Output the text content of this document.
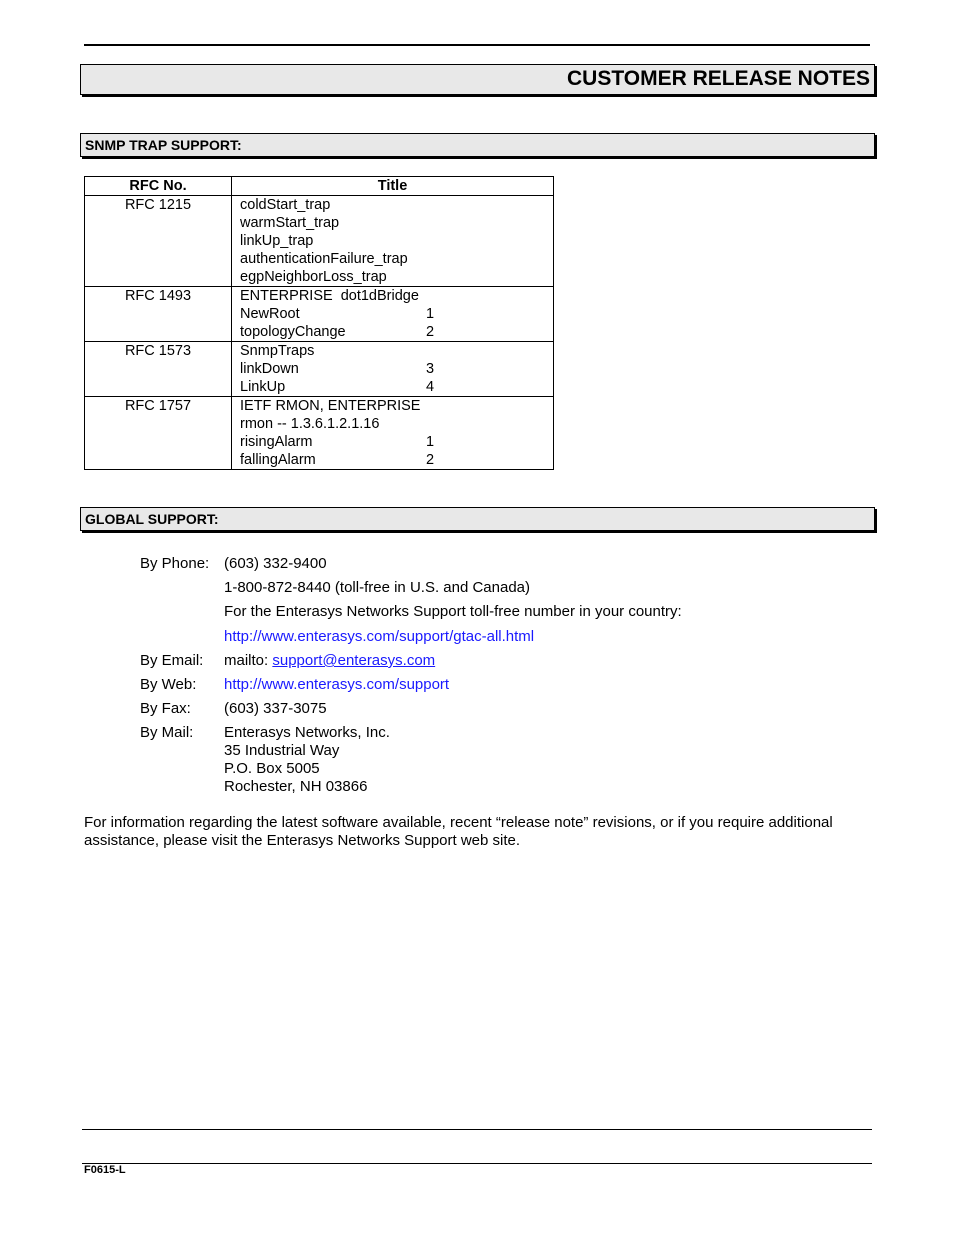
CUSTOMER RELEASE NOTES
SNMP TRAP SUPPORT:
RFC No.	Title
RFC 1215	coldStart_trap
warmStart_trap
linkUp_trap
authenticationFailure_trap
egpNeighborLoss_trap

RFC 1493	ENTERPRISE  dot1dBridge
NewRoot 1
topologyChange 2

RFC 1573	SnmpTraps
linkDown 3
LinkUp 4

RFC 1757	IETF RMON, ENTERPRISE
rmon -- 1.3.6.1.2.1.16
risingAlarm 1
fallingAlarm 2
GLOBAL SUPPORT:
By Phone: (603) 332-9400
1-800-872-8440 (toll-free in U.S. and Canada)
For the Enterasys Networks Support toll-free number in your country:
http://www.enterasys.com/support/gtac-all.html
By Email: mailto: support@enterasys.com
By Web: http://www.enterasys.com/support
By Fax: (603) 337-3075
By Mail: Enterasys Networks, Inc.
35 Industrial Way
P.O. Box 5005
Rochester, NH 03866
For information regarding the latest software available, recent “release note” revisions, or if you require additional assistance, please visit the Enterasys Networks Support web site.
F0615-L
